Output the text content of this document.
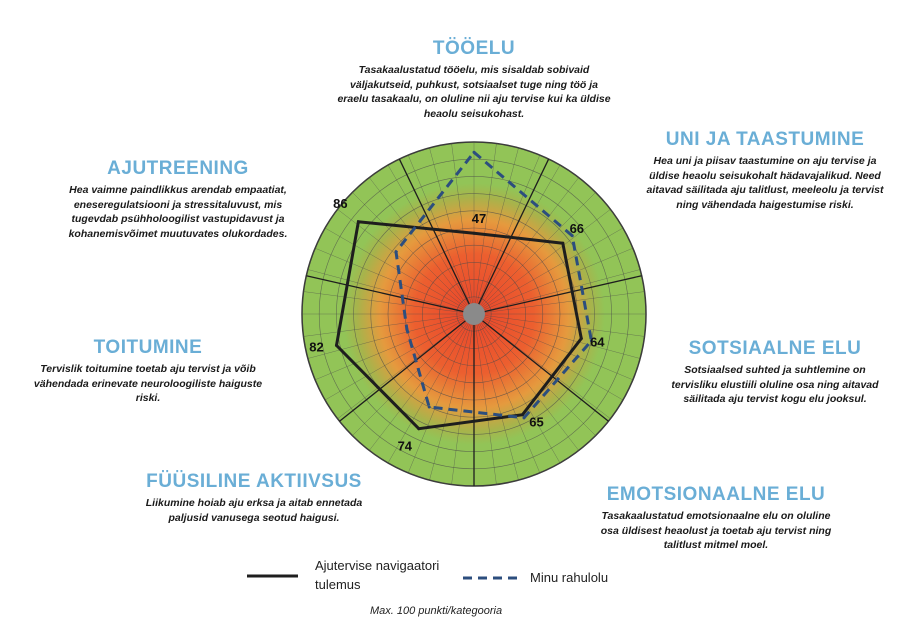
47
66
64
65
74
82
86
TÖÖELU
Tasakaalustatud tööelu, mis sisaldab sobivaid väljakutseid, puhkust, sotsiaalset tuge ning töö ja eraelu tasakaalu, on oluline nii aju tervise kui ka üldise heaolu seisukohast.
UNI JA TAASTUMINE
Hea uni ja piisav taastumine on aju tervise ja üldise heaolu seisukohalt hädavajalikud. Need aitavad säilitada aju talitlust, meeleolu ja tervist ning vähendada haigestumise riski.
SOTSIAALNE ELU
Sotsiaalsed suhted ja suhtlemine on tervisliku elustiili oluline osa ning aitavad säilitada aju tervist kogu elu jooksul.
EMOTSIONAALNE ELU
Tasakaalustatud emotsionaalne elu on oluline osa üldisest heaolust ja toetab aju tervist ning talitlust mitmel moel.
FÜÜSILINE AKTIIVSUS
Liikumine hoiab aju erksa ja aitab ennetada paljusid vanusega seotud haigusi.
TOITUMINE
Tervislik toitumine toetab aju tervist ja võib vähendada erinevate neuroloogiliste haiguste riski.
AJUTREENING
Hea vaimne paindlikkus arendab empaatiat, eneseregulatsiooni ja stressitaluvust, mis tugevdab psühholoogilist vastupidavust ja kohanemisvõimet muutuvates olukordades.
Ajutervise navigaatori
tulemus	Minu rahulolu
Max. 100 punkti/kategooria
